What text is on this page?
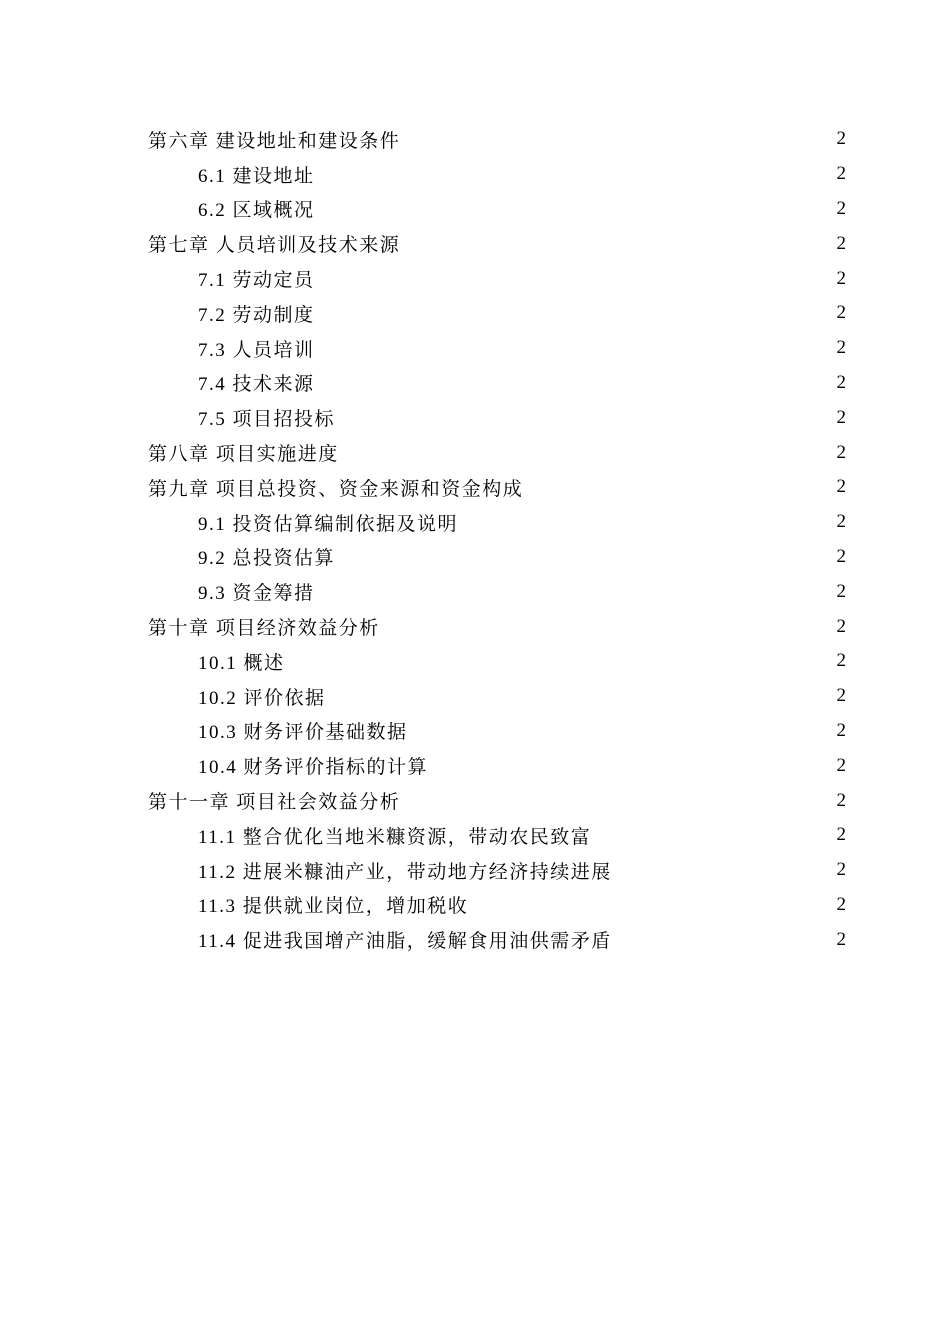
第六章 建设地址和建设条件	2
6.1 建设地址	2
6.2 区域概况	2
第七章 人员培训及技术来源	2
7.1 劳动定员	2
7.2 劳动制度	2
7.3 人员培训	2
7.4 技术来源	2
7.5 项目招投标	2
第八章 项目实施进度	2
第九章 项目总投资、资金来源和资金构成	2
9.1 投资估算编制依据及说明	2
9.2 总投资估算	2
9.3 资金筹措	2
第十章 项目经济效益分析	2
10.1 概述	2
10.2 评价依据	2
10.3 财务评价基础数据	2
10.4 财务评价指标的计算	2
第十一章 项目社会效益分析	2
11.1 整合优化当地米糠资源，带动农民致富	2
11.2 进展米糠油产业，带动地方经济持续进展	2
11.3 提供就业岗位，增加税收	2
11.4 促进我国增产油脂，缓解食用油供需矛盾	2
